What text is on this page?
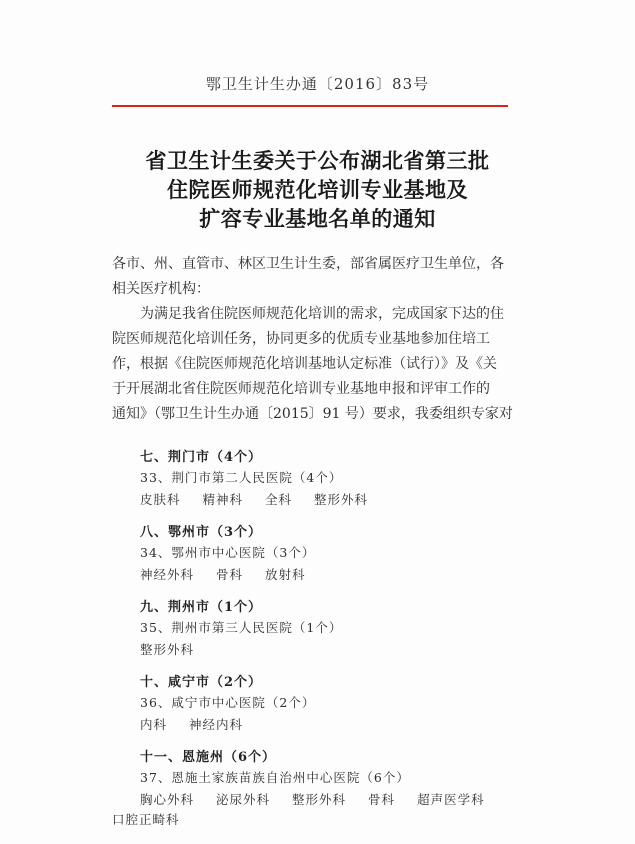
鄂卫生计生办通〔2016〕83号
省卫生计生委关于公布湖北省第三批
住院医师规范化培训专业基地及
扩容专业基地名单的通知
各市、州、直管市、林区卫生计生委，部省属医疗卫生单位，各
相关医疗机构：
为满足我省住院医师规范化培训的需求，完成国家下达的住
院医师规范化培训任务，协同更多的优质专业基地参加住培工
作，根据《住院医师规范化培训基地认定标准（试行）》及《关
于开展湖北省住院医师规范化培训专业基地申报和评审工作的
通知》（鄂卫生计生办通〔2015〕91 号）要求，我委组织专家对
七、荆门市（4个）
33、荆门市第二人民医院（4个）
皮肤科 精神科 全科 整形外科
八、鄂州市（3个）
34、鄂州市中心医院（3个）
神经外科 骨科 放射科
九、荆州市（1个）
35、荆州市第三人民医院（1个）
整形外科
十、咸宁市（2个）
36、咸宁市中心医院（2个）
内科 神经内科
十一、恩施州（6个）
37、恩施土家族苗族自治州中心医院（6个）
胸心外科 泌尿外科 整形外科 骨科 超声医学科
口腔正畸科
